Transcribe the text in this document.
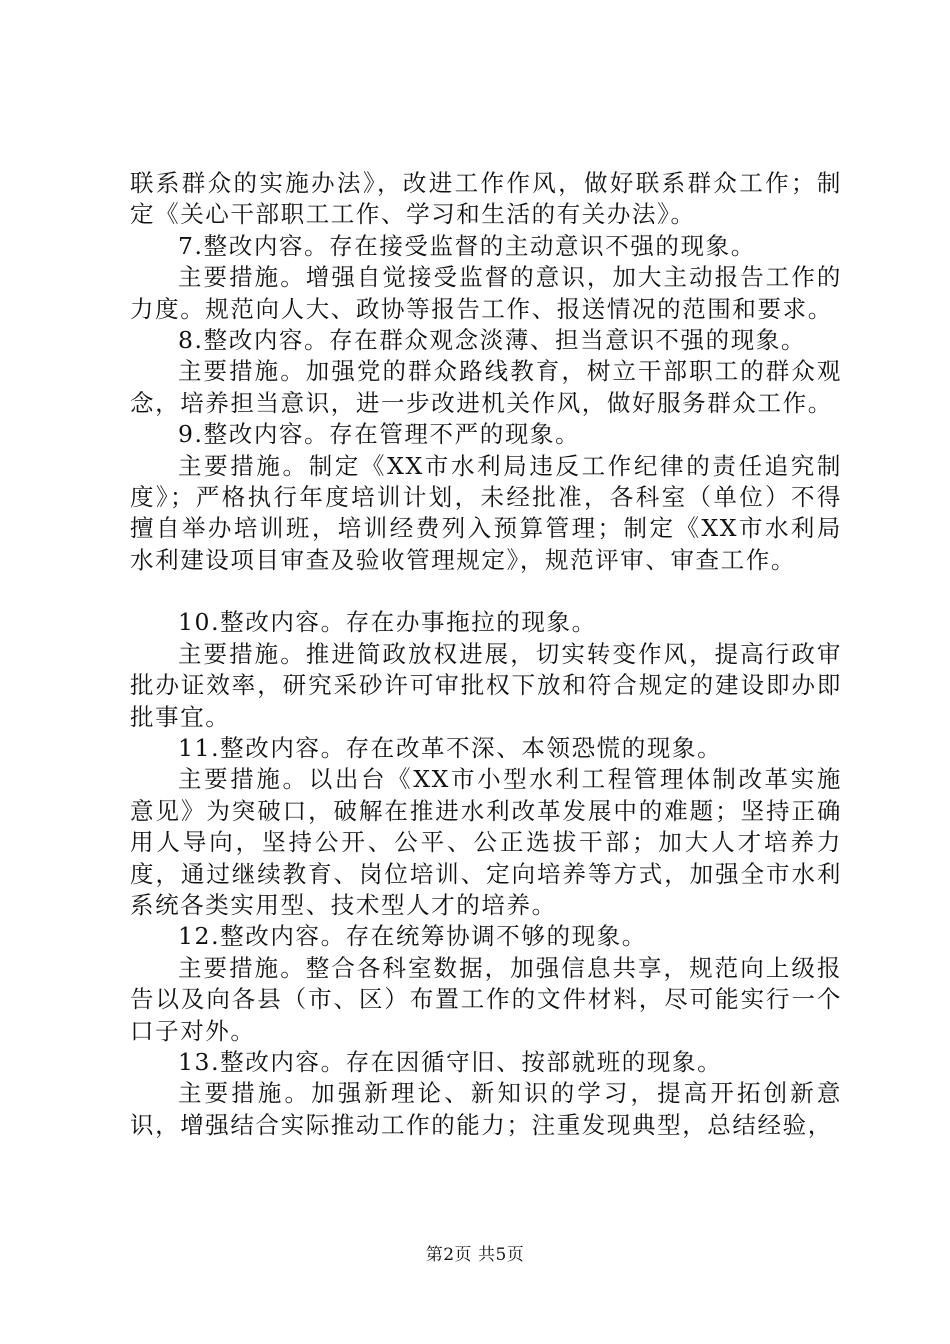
联系群众的实施办法》，改进工作作风，做好联系群众工作；制定《关心干部职工工作、学习和生活的有关办法》。

7.整改内容。存在接受监督的主动意识不强的现象。

主要措施。增强自觉接受监督的意识，加大主动报告工作的力度。规范向人大、政协等报告工作、报送情况的范围和要求。

8.整改内容。存在群众观念淡薄、担当意识不强的现象。

主要措施。加强党的群众路线教育，树立干部职工的群众观念，培养担当意识，进一步改进机关作风，做好服务群众工作。

9.整改内容。存在管理不严的现象。

主要措施。制定《XX市水利局违反工作纪律的责任追究制度》；严格执行年度培训计划，未经批准，各科室（单位）不得擅自举办培训班，培训经费列入预算管理；制定《XX市水利局水利建设项目审查及验收管理规定》，规范评审、审查工作。

10.整改内容。存在办事拖拉的现象。

主要措施。推进简政放权进展，切实转变作风，提高行政审批办证效率，研究采砂许可审批权下放和符合规定的建设即办即批事宜。

11.整改内容。存在改革不深、本领恐慌的现象。

主要措施。以出台《XX市小型水利工程管理体制改革实施意见》为突破口，破解在推进水利改革发展中的难题；坚持正确用人导向，坚持公开、公平、公正选拔干部；加大人才培养力度，通过继续教育、岗位培训、定向培养等方式，加强全市水利系统各类实用型、技术型人才的培养。

12.整改内容。存在统筹协调不够的现象。

主要措施。整合各科室数据，加强信息共享，规范向上级报告以及向各县（市、区）布置工作的文件材料，尽可能实行一个口子对外。

13.整改内容。存在因循守旧、按部就班的现象。

主要措施。加强新理论、新知识的学习，提高开拓创新意识，增强结合实际推动工作的能力；注重发现典型，总结经验，

第2页 共5页
